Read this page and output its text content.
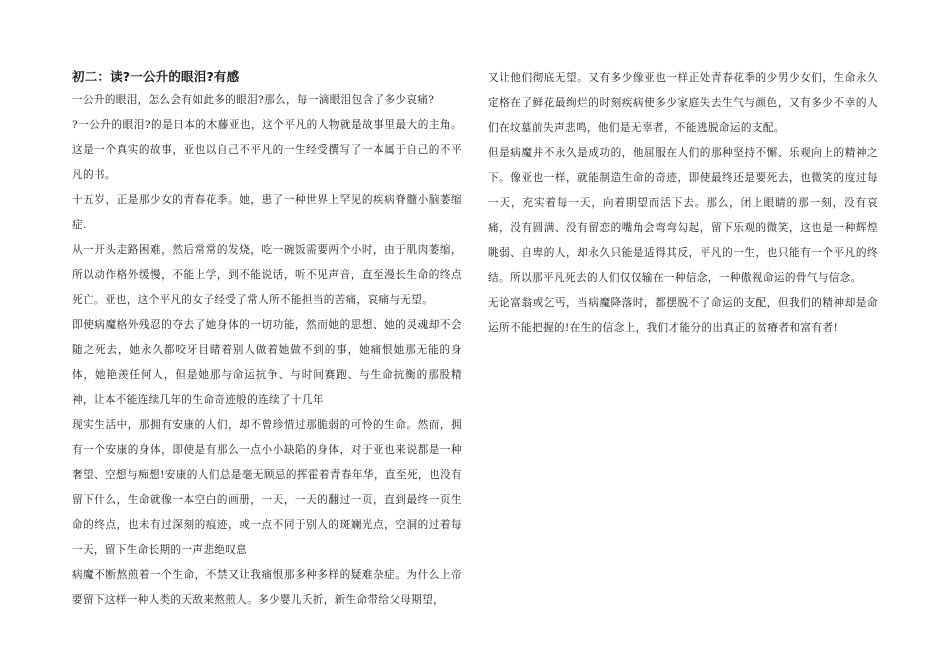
初二：读?一公升的眼泪?有感

一公升的眼泪，怎么会有如此多的眼泪?那么，每一滴眼泪包含了多少哀痛?

?一公升的眼泪?的是日本的木藤亚也，这个平凡的人物就是故事里最大的主角。这是一个真实的故事，亚也以自己不平凡的一生经受撰写了一本属于自己的不平凡的书。

十五岁，正是那少女的青春花季。她，患了一种世界上罕见的疾病脊髓小脑萎缩症.

从一开头走路困难，然后常常的发烧，吃一碗饭需要两个小时，由于肌肉萎缩，所以动作格外缓慢，不能上学，到不能说话，听不见声音，直至漫长生命的终点死亡。亚也，这个平凡的女子经受了常人所不能担当的苦痛，哀痛与无望。

即使病魔格外残忍的夺去了她身体的一切功能，然而她的思想、她的灵魂却不会随之死去，她永久都咬牙目睹着别人做着她做不到的事，她痛恨她那无能的身体，她艳羡任何人，但是她那与命运抗争、与时间赛跑、与生命抗衡的那股精神，让本不能连续几年的生命奇迹般的连续了十几年

现实生活中，那拥有安康的人们，却不曾珍惜过那脆弱的可怜的生命。然而，拥有一个安康的身体，即使是有那么一点小小缺陷的身体，对于亚也来说都是一种奢望、空想与痴想!安康的人们总是毫无顾忌的挥霍着青春年华，直至死，也没有留下什么，生命就像一本空白的画册，一天，一天的翻过一页，直到最终一页生命的终点，也未有过深刻的痕迹，或一点不同于别人的斑斓光点，空洞的过着每一天，留下生命长期的一声悲绝叹息

病魔不断熬煎着一个生命，不禁又让我痛恨那多种多样的疑难杂症。为什么上帝要留下这样一种人类的天敌来熬煎人。多少婴儿夭折，新生命带给父母期望，

又让他们彻底无望。又有多少像亚也一样正处青春花季的少男少女们，生命永久定格在了鲜花最绚烂的时刻疾病使多少家庭失去生气与颜色，又有多少不幸的人们在坟墓前失声悲鸣，他们是无辜者，不能逃脱命运的支配。

但是病魔并不永久是成功的，他屈服在人们的那种坚持不懈、乐观向上的精神之下。像亚也一样，就能制造生命的奇迹，即使最终还是要死去，也微笑的度过每一天，充实着每一天，向着期望而活下去。那么，闭上眼睛的那一刻，没有哀痛，没有圆满、没有留恋的嘴角会弯弯勾起，留下乐观的微笑，这也是一种辉煌眺弱、自卑的人，却永久只能是适得其反，平凡的一生，也只能有一个平凡的终结。所以那平凡死去的人们仅仅输在一种信念，一种傲视命运的骨气与信念。

无论富翁或乞丐，当病魔降落时，都摆脱不了命运的支配，但我们的精神却是命运所不能把握的!在生的信念上，我们才能分的出真正的贫瘠者和富有者!
